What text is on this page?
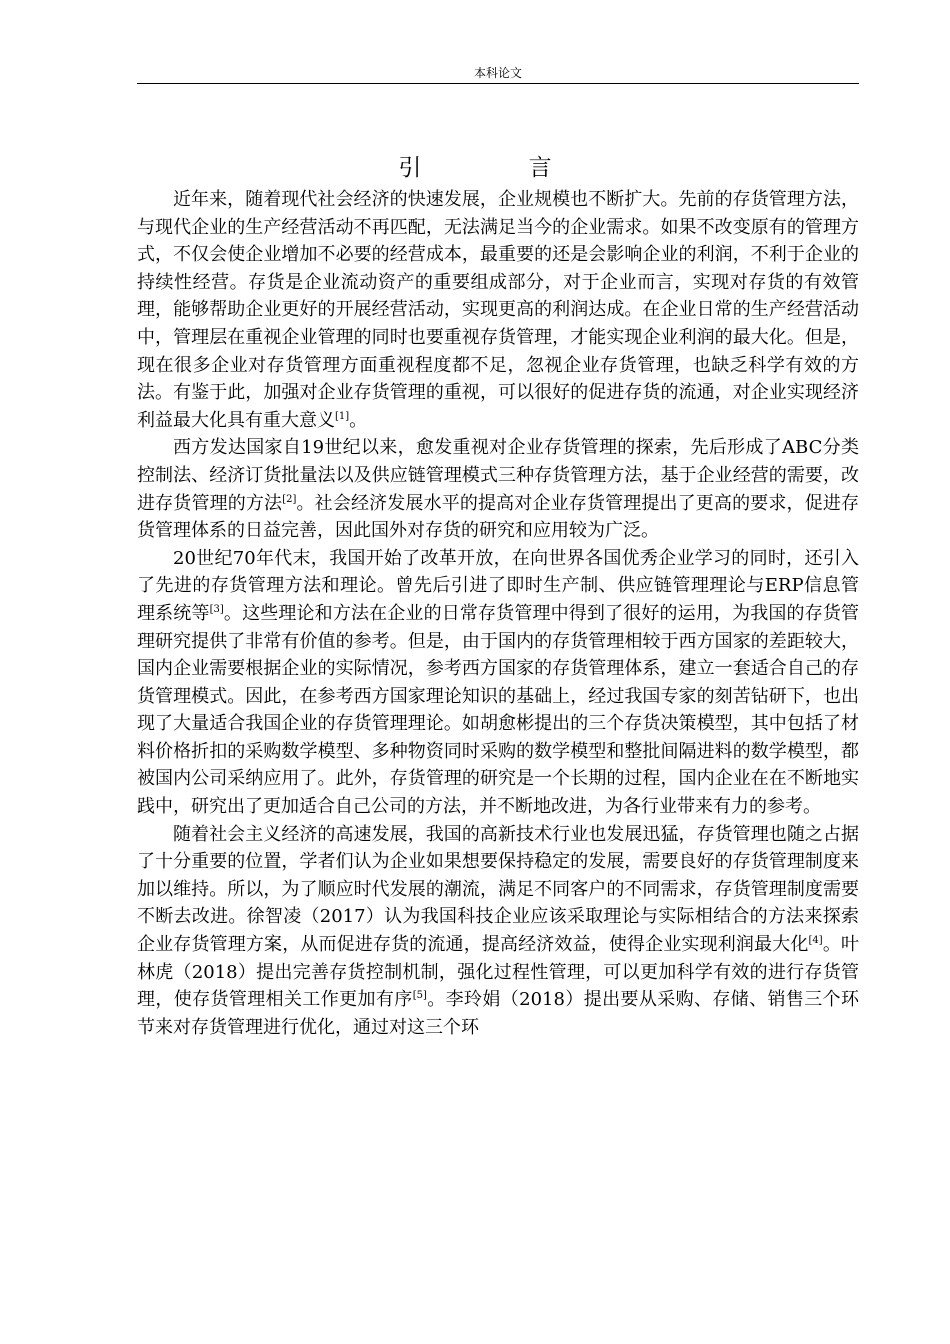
本科论文
引 言

近年来，随着现代社会经济的快速发展，企业规模也不断扩大。先前的存货管理方法，与现代企业的生产经营活动不再匹配，无法满足当今的企业需求。如果不改变原有的管理方式，不仅会使企业增加不必要的经营成本，最重要的还是会影响企业的利润，不利于企业的持续性经营。存货是企业流动资产的重要组成部分，对于企业而言，实现对存货的有效管理，能够帮助企业更好的开展经营活动，实现更高的利润达成。在企业日常的生产经营活动中，管理层在重视企业管理的同时也要重视存货管理，才能实现企业利润的最大化。但是，现在很多企业对存货管理方面重视程度都不足，忽视企业存货管理，也缺乏科学有效的方法。有鉴于此，加强对企业存货管理的重视，可以很好的促进存货的流通，对企业实现经济利益最大化具有重大意义[1]。

西方发达国家自19世纪以来，愈发重视对企业存货管理的探索，先后形成了ABC分类控制法、经济订货批量法以及供应链管理模式三种存货管理方法，基于企业经营的需要，改进存货管理的方法[2]。社会经济发展水平的提高对企业存货管理提出了更高的要求，促进存货管理体系的日益完善，因此国外对存货的研究和应用较为广泛。

20世纪70年代末，我国开始了改革开放，在向世界各国优秀企业学习的同时，还引入了先进的存货管理方法和理论。曾先后引进了即时生产制、供应链管理理论与ERP信息管理系统等[3]。这些理论和方法在企业的日常存货管理中得到了很好的运用，为我国的存货管理研究提供了非常有价值的参考。但是，由于国内的存货管理相较于西方国家的差距较大，国内企业需要根据企业的实际情况，参考西方国家的存货管理体系，建立一套适合自己的存货管理模式。因此，在参考西方国家理论知识的基础上，经过我国专家的刻苦钻研下，也出现了大量适合我国企业的存货管理理论。如胡愈彬提出的三个存货决策模型，其中包括了材料价格折扣的采购数学模型、多种物资同时采购的数学模型和整批间隔进料的数学模型，都被国内公司采纳应用了。此外，存货管理的研究是一个长期的过程，国内企业在在不断地实践中，研究出了更加适合自己公司的方法，并不断地改进，为各行业带来有力的参考。

随着社会主义经济的高速发展，我国的高新技术行业也发展迅猛，存货管理也随之占据了十分重要的位置，学者们认为企业如果想要保持稳定的发展，需要良好的存货管理制度来加以维持。所以，为了顺应时代发展的潮流，满足不同客户的不同需求，存货管理制度需要不断去改进。徐智凌（2017）认为我国科技企业应该采取理论与实际相结合的方法来探索企业存货管理方案，从而促进存货的流通，提高经济效益，使得企业实现利润最大化[4]。叶林虎（2018）提出完善存货控制机制，强化过程性管理，可以更加科学有效的进行存货管理，使存货管理相关工作更加有序[5]。李玲娟（2018）提出要从采购、存储、销售三个环节来对存货管理进行优化，通过对这三个环
